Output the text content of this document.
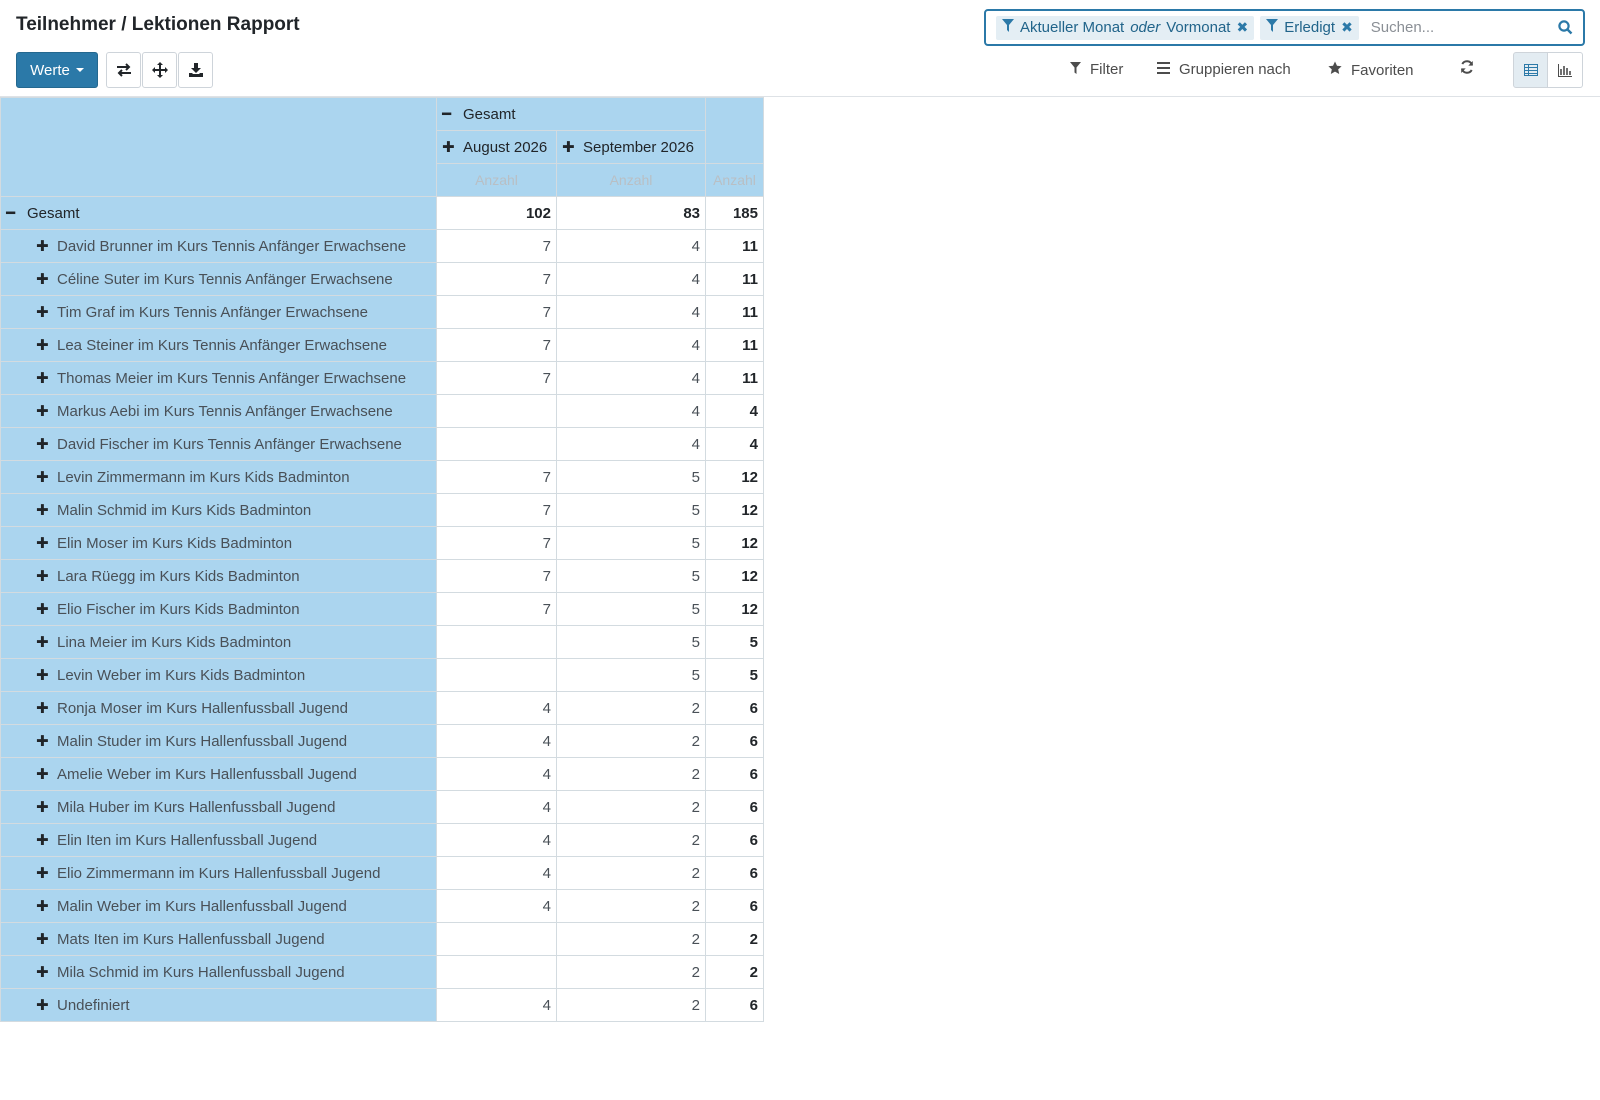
Teilnehmer / Lektionen Rapport
Werte
Aktueller Monat oder Vormonat ✖ Erledigt ✖
Suchen...
Filter	Gruppieren nach	Favoriten
	━ Gesamt		
	✚ August 2026	✚ September 2026	
	Anzahl	Anzahl	Anzahl
━ Gesamt	102	83	185
✚ David Brunner im Kurs Tennis Anfänger Erwachsene	7	4	11
✚ Céline Suter im Kurs Tennis Anfänger Erwachsene	7	4	11
✚ Tim Graf im Kurs Tennis Anfänger Erwachsene	7	4	11
✚ Lea Steiner im Kurs Tennis Anfänger Erwachsene	7	4	11
✚ Thomas Meier im Kurs Tennis Anfänger Erwachsene	7	4	11
✚ Markus Aebi im Kurs Tennis Anfänger Erwachsene		4	4
✚ David Fischer im Kurs Tennis Anfänger Erwachsene		4	4
✚ Levin Zimmermann im Kurs Kids Badminton	7	5	12
✚ Malin Schmid im Kurs Kids Badminton	7	5	12
✚ Elin Moser im Kurs Kids Badminton	7	5	12
✚ Lara Rüegg im Kurs Kids Badminton	7	5	12
✚ Elio Fischer im Kurs Kids Badminton	7	5	12
✚ Lina Meier im Kurs Kids Badminton		5	5
✚ Levin Weber im Kurs Kids Badminton		5	5
✚ Ronja Moser im Kurs Hallenfussball Jugend	4	2	6
✚ Malin Studer im Kurs Hallenfussball Jugend	4	2	6
✚ Amelie Weber im Kurs Hallenfussball Jugend	4	2	6
✚ Mila Huber im Kurs Hallenfussball Jugend	4	2	6
✚ Elin Iten im Kurs Hallenfussball Jugend	4	2	6
✚ Elio Zimmermann im Kurs Hallenfussball Jugend	4	2	6
✚ Malin Weber im Kurs Hallenfussball Jugend	4	2	6
✚ Mats Iten im Kurs Hallenfussball Jugend		2	2
✚ Mila Schmid im Kurs Hallenfussball Jugend		2	2
✚ Undefiniert	4	2	6
